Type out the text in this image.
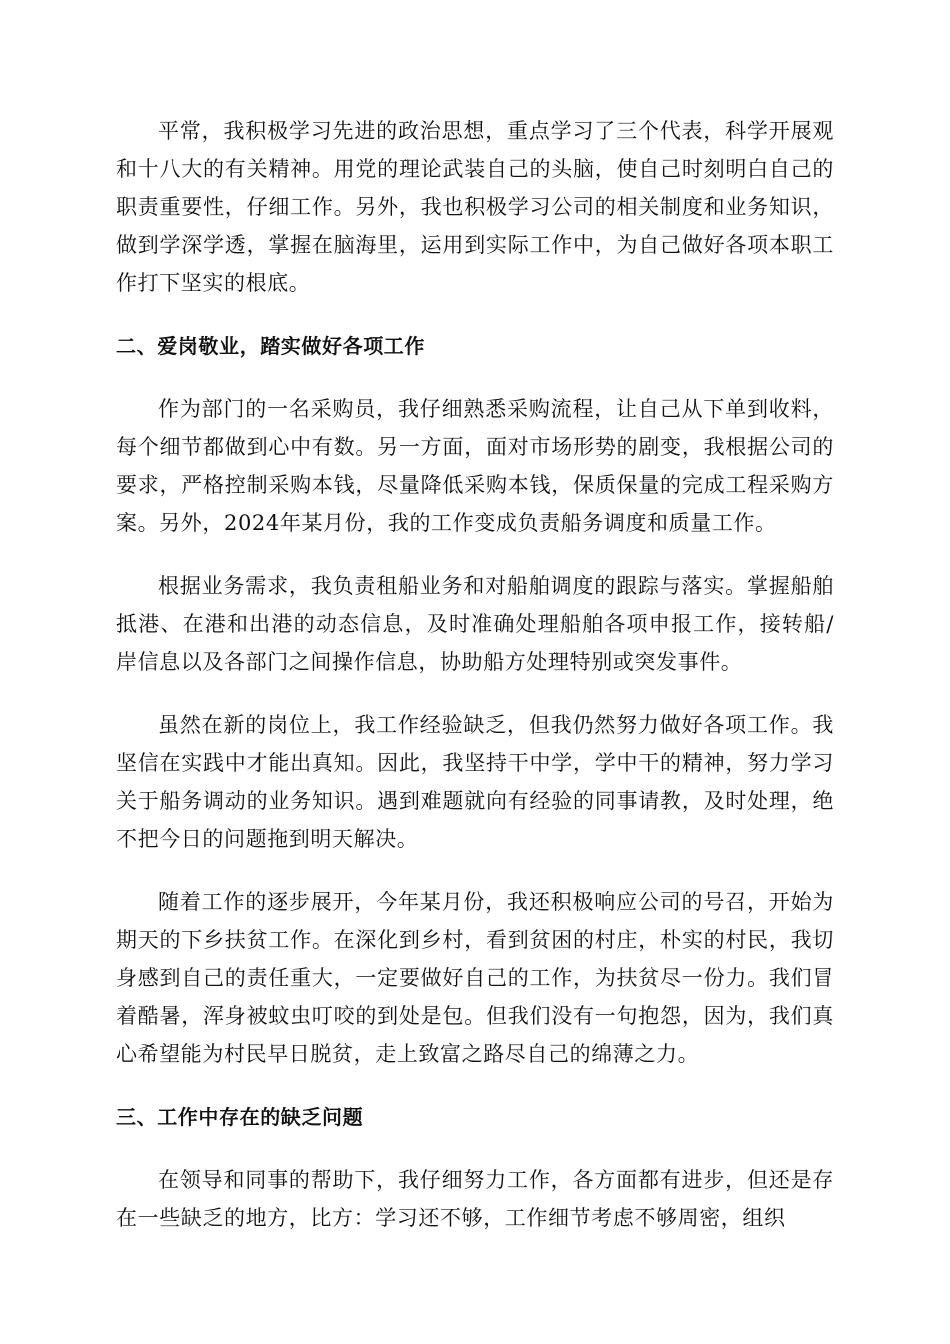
平常，我积极学习先进的政治思想，重点学习了三个代表，科学开展观和十八大的有关精神。用党的理论武装自己的头脑，使自己时刻明白自己的职责重要性，仔细工作。另外，我也积极学习公司的相关制度和业务知识，做到学深学透，掌握在脑海里，运用到实际工作中，为自己做好各项本职工作打下坚实的根底。

二、爱岗敬业，踏实做好各项工作

作为部门的一名采购员，我仔细熟悉采购流程，让自己从下单到收料，每个细节都做到心中有数。另一方面，面对市场形势的剧变，我根据公司的要求，严格控制采购本钱，尽量降低采购本钱，保质保量的完成工程采购方案。另外，2024年某月份，我的工作变成负责船务调度和质量工作。

根据业务需求，我负责租船业务和对船舶调度的跟踪与落实。掌握船舶抵港、在港和出港的动态信息，及时准确处理船舶各项申报工作，接转船/岸信息以及各部门之间操作信息，协助船方处理特别或突发事件。

虽然在新的岗位上，我工作经验缺乏，但我仍然努力做好各项工作。我坚信在实践中才能出真知。因此，我坚持干中学，学中干的精神，努力学习关于船务调动的业务知识。遇到难题就向有经验的同事请教，及时处理，绝不把今日的问题拖到明天解决。

随着工作的逐步展开，今年某月份，我还积极响应公司的号召，开始为期天的下乡扶贫工作。在深化到乡村，看到贫困的村庄，朴实的村民，我切身感到自己的责任重大，一定要做好自己的工作，为扶贫尽一份力。我们冒着酷暑，浑身被蚊虫叮咬的到处是包。但我们没有一句抱怨，因为，我们真心希望能为村民早日脱贫，走上致富之路尽自己的绵薄之力。

三、工作中存在的缺乏问题

在领导和同事的帮助下，我仔细努力工作，各方面都有进步，但还是存在一些缺乏的地方，比方：学习还不够，工作细节考虑不够周密，组织
